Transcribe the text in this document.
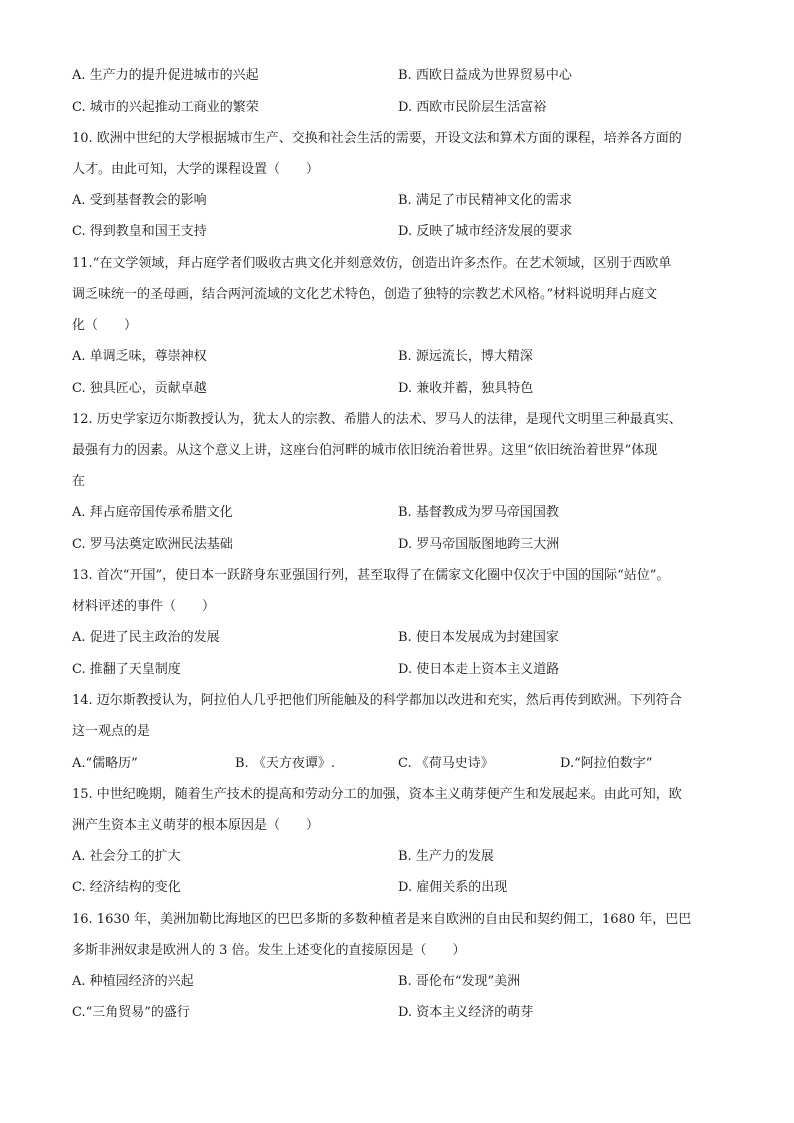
A. 生产力的提升促进城市的兴起	B. 西欧日益成为世界贸易中心
C. 城市的兴起推动工商业的繁荣	D. 西欧市民阶层生活富裕
10. 欧洲中世纪的大学根据城市生产、交换和社会生活的需要，开设文法和算术方面的课程，培养各方面的
人才。由此可知，大学的课程设置（　　）
A. 受到基督教会的影响	B. 满足了市民精神文化的需求
C. 得到教皇和国王支持	D. 反映了城市经济发展的要求
11.“在文学领域，拜占庭学者们吸收古典文化并刻意效仿，创造出许多杰作。在艺术领域，区别于西欧单
调乏味统一的圣母画，结合两河流域的文化艺术特色，创造了独特的宗教艺术风格。”材料说明拜占庭文
化（　　）
A. 单调乏味，尊崇神权	B. 源远流长，博大精深
C. 独具匠心，贡献卓越	D. 兼收并蓄，独具特色
12. 历史学家迈尔斯教授认为，犹太人的宗教、希腊人的法术、罗马人的法律，是现代文明里三种最真实、
最强有力的因素。从这个意义上讲，这座台伯河畔的城市依旧统治着世界。这里“依旧统治着世界”体现
在
A. 拜占庭帝国传承希腊文化	B. 基督教成为罗马帝国国教
C. 罗马法奠定欧洲民法基础	D. 罗马帝国版图地跨三大洲
13. 首次“开国”，使日本一跃跻身东亚强国行列，甚至取得了在儒家文化圈中仅次于中国的国际“站位”。
材料评述的事件（　　）
A. 促进了民主政治的发展	B. 使日本发展成为封建国家
C. 推翻了天皇制度	D. 使日本走上资本主义道路
14. 迈尔斯教授认为，阿拉伯人几乎把他们所能触及的科学都加以改进和充实，然后再传到欧洲。下列符合
这一观点的是
A.“儒略历”	B. 《天方夜谭》.	C. 《荷马史诗》	D.“阿拉伯数字”
15. 中世纪晚期，随着生产技术的提高和劳动分工的加强，资本主义萌芽便产生和发展起来。由此可知，欧
洲产生资本主义萌芽的根本原因是（　　）
A. 社会分工的扩大	B. 生产力的发展
C. 经济结构的变化	D. 雇佣关系的出现
16. 1630 年，美洲加勒比海地区的巴巴多斯的多数种植者是来自欧洲的自由民和契约佣工，1680 年，巴巴
多斯非洲奴隶是欧洲人的 3 倍。发生上述变化的直接原因是（　　）
A. 种植园经济的兴起	B. 哥伦布“发现”美洲
C.“三角贸易”的盛行	D. 资本主义经济的萌芽
